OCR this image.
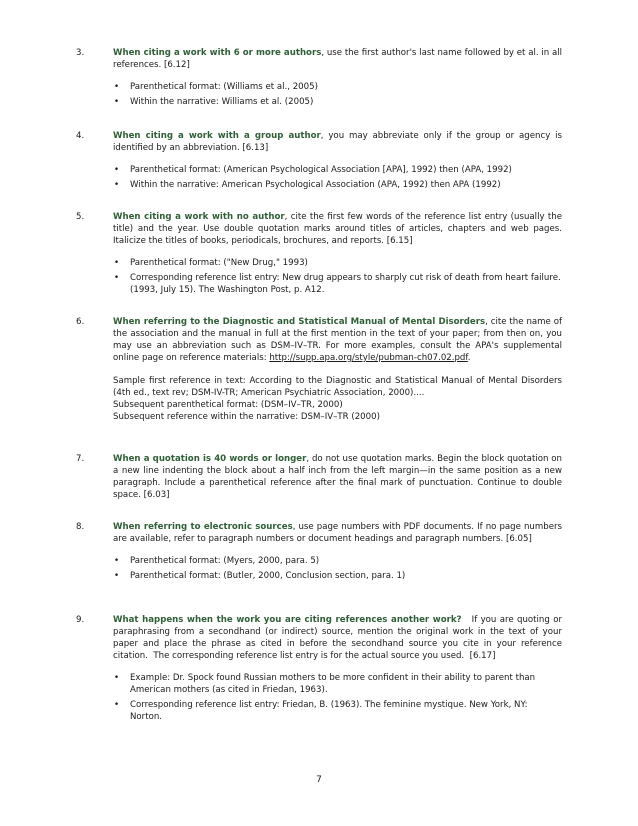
3.	When citing a work with 6 or more authors, use the first author's last name followed by et al. in all references. [6.12]

• Parenthetical format: (Williams et al., 2005)
• Within the narrative: Williams et al. (2005)
4.	When citing a work with a group author, you may abbreviate only if the group or agency is identified by an abbreviation. [6.13]

• Parenthetical format: (American Psychological Association [APA], 1992) then (APA, 1992)
• Within the narrative: American Psychological Association (APA, 1992) then APA (1992)
5.	When citing a work with no author, cite the first few words of the reference list entry (usually the title) and the year. Use double quotation marks around titles of articles, chapters and web pages. Italicize the titles of books, periodicals, brochures, and reports. [6.15]

• Parenthetical format: ("New Drug," 1993)
• Corresponding reference list entry: New drug appears to sharply cut risk of death from heart failure. (1993, July 15). The Washington Post, p. A12.
6.	When referring to the Diagnostic and Statistical Manual of Mental Disorders, cite the name of the association and the manual in full at the first mention in the text of your paper; from then on, you may use an abbreviation such as DSM–IV–TR. For more examples, consult the APA's supplemental online page on reference materials: http://supp.apa.org/style/pubman-ch07.02.pdf.

Sample first reference in text: According to the Diagnostic and Statistical Manual of Mental Disorders (4th ed., text rev; DSM-IV-TR; American Psychiatric Association, 2000)....

Subsequent parenthetical format: (DSM–IV–TR, 2000)

Subsequent reference within the narrative: DSM–IV–TR (2000)

7.	When a quotation is 40 words or longer, do not use quotation marks. Begin the block quotation on a new line indenting the block about a half inch from the left margin—in the same position as a new paragraph. Include a parenthetical reference after the final mark of punctuation. Continue to double space. [6.03]

8.	When referring to electronic sources, use page numbers with PDF documents. If no page numbers are available, refer to paragraph numbers or document headings and paragraph numbers. [6.05]

• Parenthetical format: (Myers, 2000, para. 5)
• Parenthetical format: (Butler, 2000, Conclusion section, para. 1)
9.	What happens when the work you are citing references another work?   If you are quoting or paraphrasing from a secondhand (or indirect) source, mention the original work in the text of your paper and place the phrase as cited in before the secondhand source you cite in your reference citation.  The corresponding reference list entry is for the actual source you used.  [6.17]

• Example: Dr. Spock found Russian mothers to be more confident in their ability to parent than American mothers (as cited in Friedan, 1963).
• Corresponding reference list entry: Friedan, B. (1963). The feminine mystique. New York, NY: Norton.
7
